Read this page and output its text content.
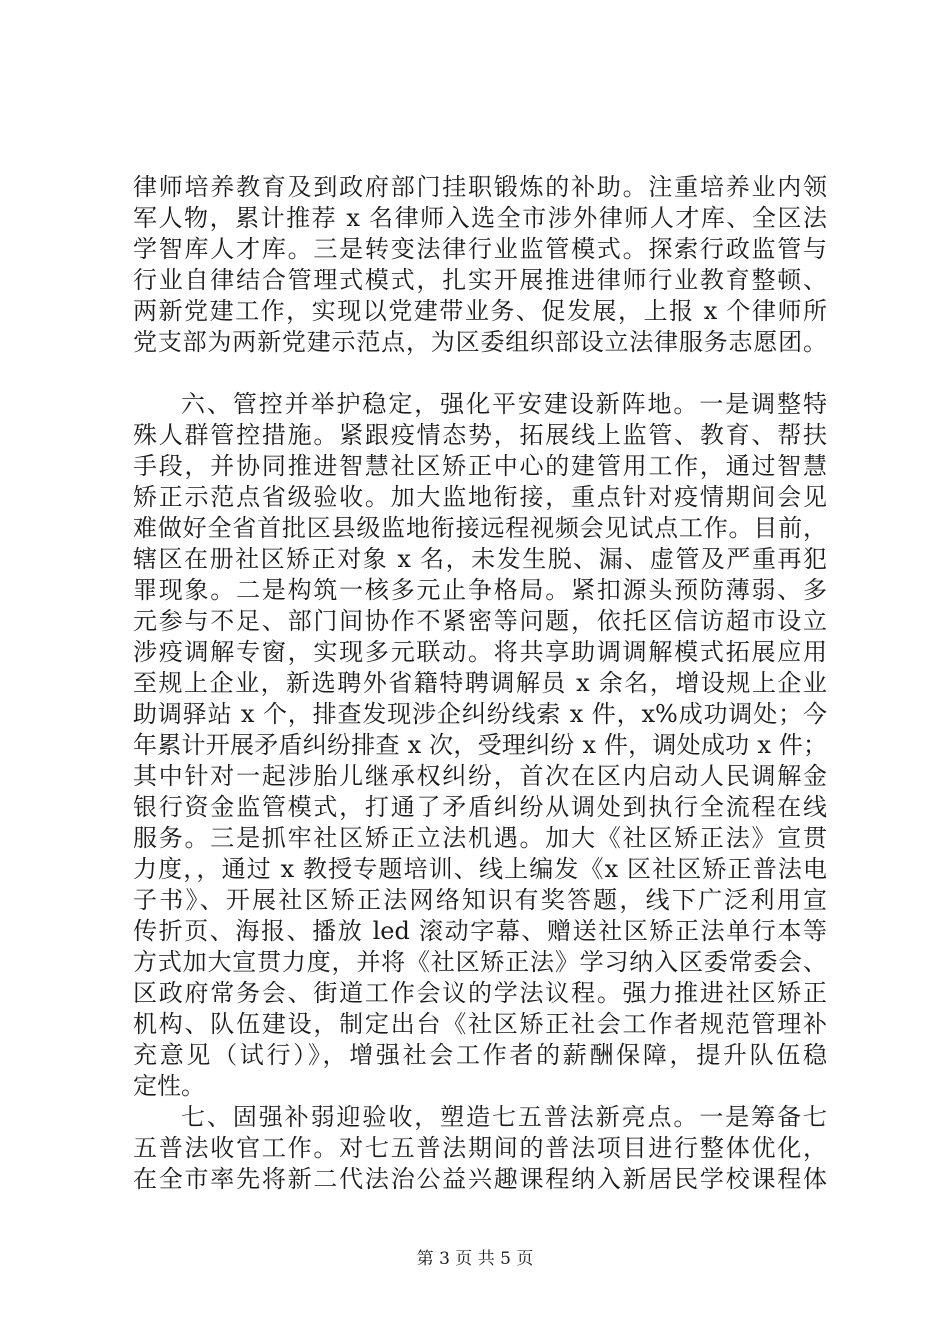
律师培养教育及到政府部门挂职锻炼的补助。注重培养业内领
军人物，累计推荐 x 名律师入选全市涉外律师人才库、全区法
学智库人才库。三是转变法律行业监管模式。探索行政监管与
行业自律结合管理式模式，扎实开展推进律师行业教育整顿、
两新党建工作，实现以党建带业务、促发展，上报 x 个律师所
党支部为两新党建示范点，为区委组织部设立法律服务志愿团。
六、管控并举护稳定，强化平安建设新阵地。一是调整特
殊人群管控措施。紧跟疫情态势，拓展线上监管、教育、帮扶
手段，并协同推进智慧社区矫正中心的建管用工作，通过智慧
矫正示范点省级验收。加大监地衔接，重点针对疫情期间会见
难做好全省首批区县级监地衔接远程视频会见试点工作。目前，
辖区在册社区矫正对象 x 名，未发生脱、漏、虚管及严重再犯
罪现象。二是构筑一核多元止争格局。紧扣源头预防薄弱、多
元参与不足、部门间协作不紧密等问题，依托区信访超市设立
涉疫调解专窗，实现多元联动。将共享助调调解模式拓展应用
至规上企业，新选聘外省籍特聘调解员 x 余名，增设规上企业
助调驿站 x 个，排查发现涉企纠纷线索 x 件，x%成功调处；今
年累计开展矛盾纠纷排查 x 次，受理纠纷 x 件，调处成功 x 件；
其中针对一起涉胎儿继承权纠纷，首次在区内启动人民调解金
银行资金监管模式，打通了矛盾纠纷从调处到执行全流程在线
服务。三是抓牢社区矫正立法机遇。加大《社区矫正法》宣贯
力度，，通过 x 教授专题培训、线上编发《x 区社区矫正普法电
子书》、开展社区矫正法网络知识有奖答题，线下广泛利用宣
传折页、海报、播放 led 滚动字幕、赠送社区矫正法单行本等
方式加大宣贯力度，并将《社区矫正法》学习纳入区委常委会、
区政府常务会、街道工作会议的学法议程。强力推进社区矫正
机构、队伍建设，制定出台《社区矫正社会工作者规范管理补
充意见（试行）》，增强社会工作者的薪酬保障，提升队伍稳
定性。
七、固强补弱迎验收，塑造七五普法新亮点。一是筹备七
五普法收官工作。对七五普法期间的普法项目进行整体优化，
在全市率先将新二代法治公益兴趣课程纳入新居民学校课程体
第 3 页 共 5 页
